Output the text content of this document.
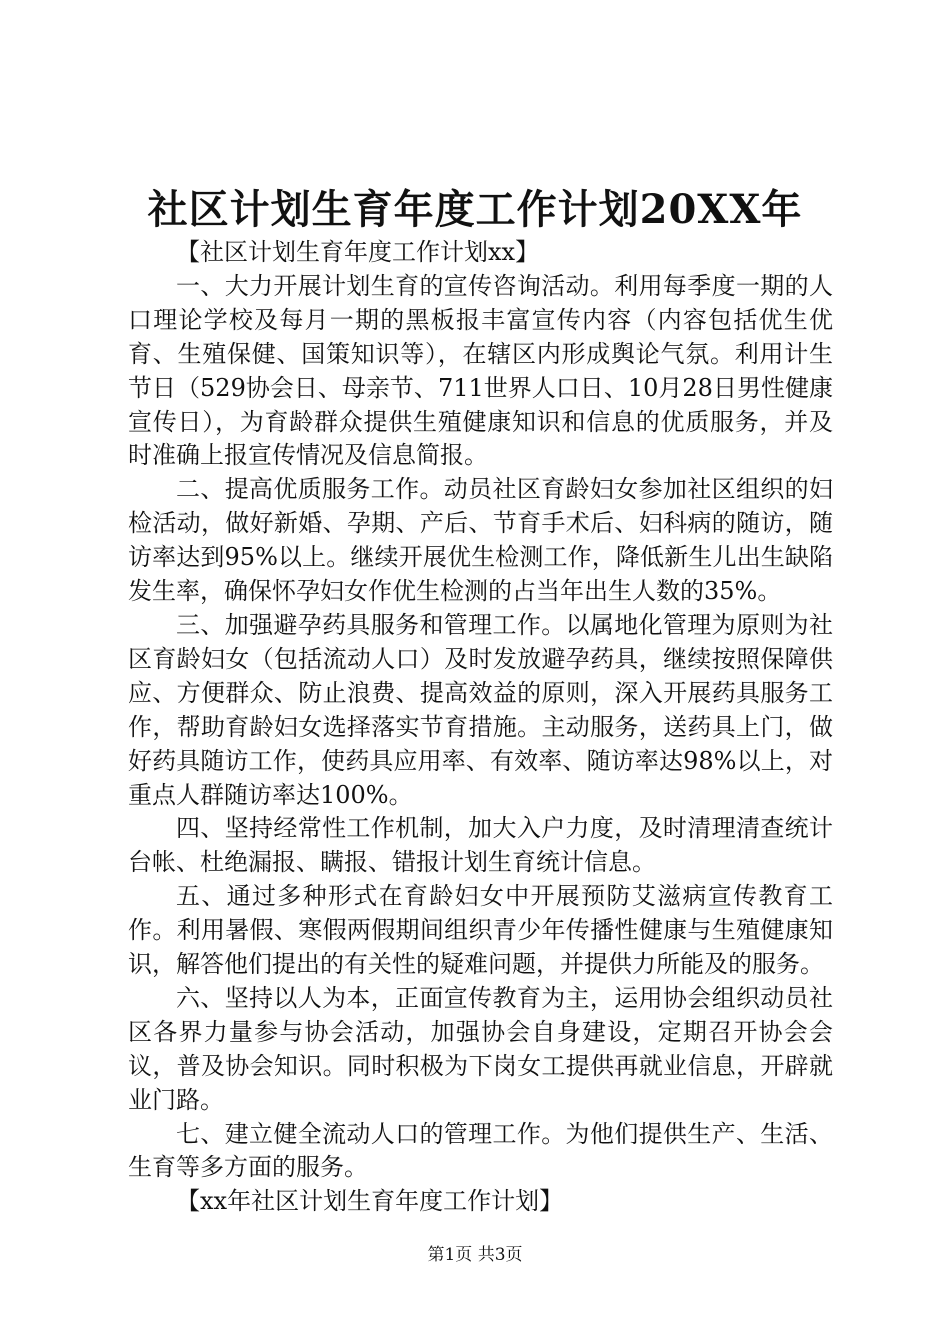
社区计划生育年度工作计划20XX年

【社区计划生育年度工作计划xx】

一、大力开展计划生育的宣传咨询活动。利用每季度一期的人口理论学校及每月一期的黑板报丰富宣传内容（内容包括优生优育、生殖保健、国策知识等），在辖区内形成舆论气氛。利用计生节日（529协会日、母亲节、711世界人口日、10月28日男性健康宣传日），为育龄群众提供生殖健康知识和信息的优质服务，并及时准确上报宣传情况及信息简报。

二、提高优质服务工作。动员社区育龄妇女参加社区组织的妇检活动，做好新婚、孕期、产后、节育手术后、妇科病的随访，随访率达到95%以上。继续开展优生检测工作，降低新生儿出生缺陷发生率，确保怀孕妇女作优生检测的占当年出生人数的35%。

三、加强避孕药具服务和管理工作。以属地化管理为原则为社区育龄妇女（包括流动人口）及时发放避孕药具，继续按照保障供应、方便群众、防止浪费、提高效益的原则，深入开展药具服务工作，帮助育龄妇女选择落实节育措施。主动服务，送药具上门，做好药具随访工作，使药具应用率、有效率、随访率达98%以上，对重点人群随访率达100%。

四、坚持经常性工作机制，加大入户力度，及时清理清查统计台帐、杜绝漏报、瞒报、错报计划生育统计信息。

五、通过多种形式在育龄妇女中开展预防艾滋病宣传教育工作。利用暑假、寒假两假期间组织青少年传播性健康与生殖健康知识，解答他们提出的有关性的疑难问题，并提供力所能及的服务。

六、坚持以人为本，正面宣传教育为主，运用协会组织动员社区各界力量参与协会活动，加强协会自身建设，定期召开协会会议，普及协会知识。同时积极为下岗女工提供再就业信息，开辟就业门路。

七、建立健全流动人口的管理工作。为他们提供生产、生活、生育等多方面的服务。

【xx年社区计划生育年度工作计划】

第1页 共3页
